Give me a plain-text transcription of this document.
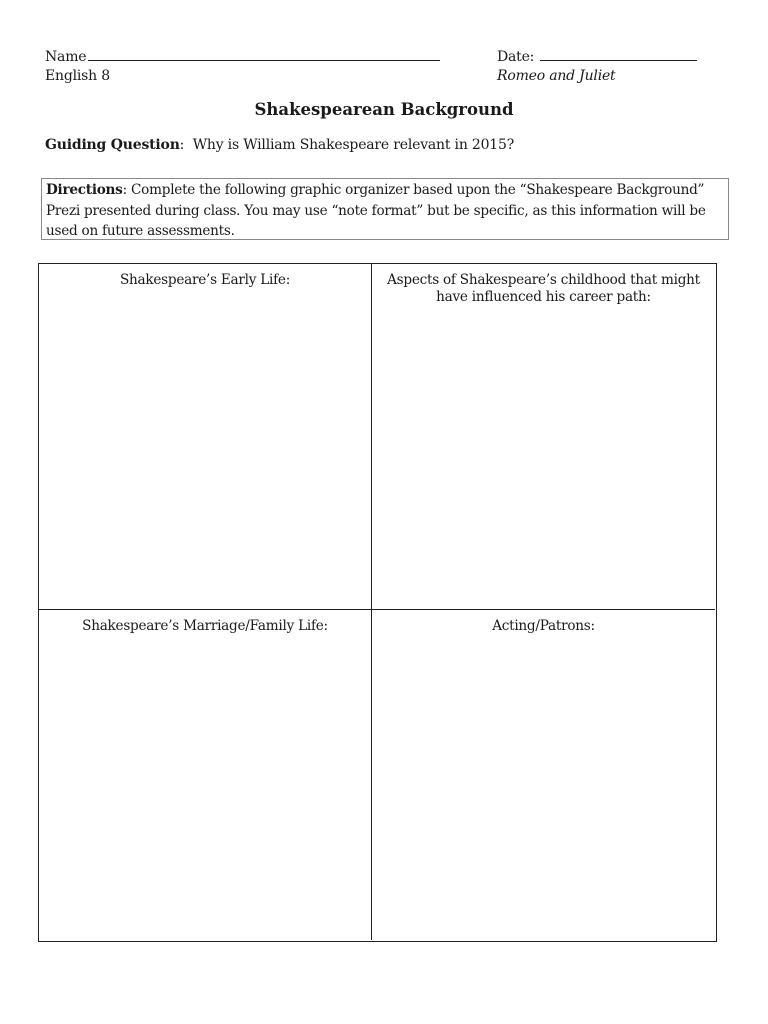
Name	Date:
English 8	Romeo and Juliet
Shakespearean Background
Guiding Question: Why is William Shakespeare relevant in 2015?
Directions: Complete the following graphic organizer based upon the “Shakespeare Background” Prezi presented during class. You may use “note format” but be specific, as this information will be used on future assessments.
Shakespeare’s Early Life:	Aspects of Shakespeare’s childhood that might have influenced his career path:
Shakespeare’s Marriage/Family Life:	Acting/Patrons:
